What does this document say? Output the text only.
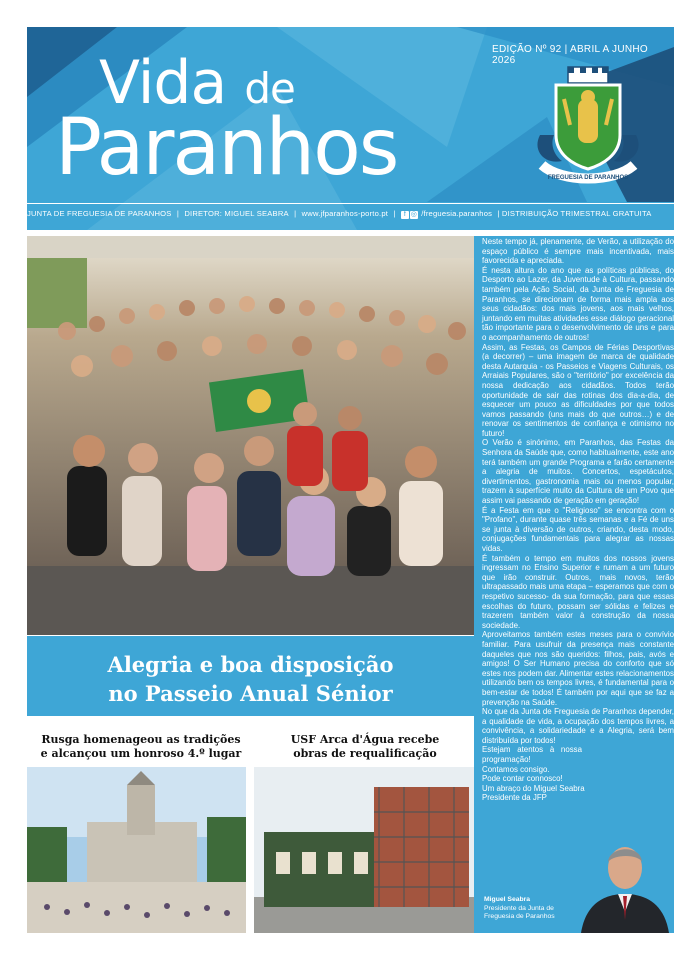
Vida de
Paranhos
EDIÇÃO Nº 92 | ABRIL A JUNHO 2026
FREGUESIA DE PARANHOS
JUNTA DE FREGUESIA DE PARANHOS | DIRETOR: MIGUEL SEABRA | www.jfparanhos-porto.pt | f ◎ /freguesia.paranhos | DISTRIBUIÇÃO TRIMESTRAL GRATUITA
Alegria e boa disposição
no Passeio Anual Sénior
Rusga homenageou as tradições
e alcançou um honroso 4.º lugar
USF Arca d'Água recebe
obras de requalificação

Neste tempo já, plenamente, de Verão, a utilização do espaço público é sempre mais incentivada, mais favorecida e apreciada.

É nesta altura do ano que as políticas públicas, do Desporto ao Lazer, da Juventude à Cultura, passando também pela Ação Social, da Junta de Freguesia de Paranhos, se direcionam de forma mais ampla aos seus cidadãos: dos mais jovens, aos mais velhos, juntando em muitas atividades esse diálogo geracional tão importante para o desenvolvimento de uns e para o acompanhamento de outros!

Assim, as Festas, os Campos de Férias Desportivas (a decorrer) – uma imagem de marca de qualidade desta Autarquia - os Passeios e Viagens Culturais, os Arraiais Populares, são o "território" por excelência da nossa dedicação aos cidadãos. Todos terão oportunidade de sair das rotinas dos dia-a-dia, de esquecer um pouco as dificuldades por que todos vamos passando (uns mais do que outros…) e de renovar os sentimentos de confiança e otimismo no futuro!

O Verão é sinónimo, em Paranhos, das Festas da Senhora da Saúde que, como habitualmente, este ano terá também um grande Programa e farão certamente a alegria de muitos. Concertos, espetáculos, divertimentos, gastronomia mais ou menos popular, trazem à superfície muito da Cultura de um Povo que assim vai passando de geração em geração!

É a Festa em que o "Religioso" se encontra com o "Profano", durante quase três semanas e a Fé de uns se junta à diversão de outros, criando, desta modo, conjugações fundamentais para alegrar as nossas vidas.

É também o tempo em muitos dos nossos jovens ingressam no Ensino Superior e rumam a um futuro que irão construir. Outros, mais novos, terão ultrapassado mais uma etapa – esperamos que com o respetivo sucesso- da sua formação, para que essas escolhas do futuro, possam ser sólidas e felizes e trazerem também valor à construção da nossa sociedade.

Aproveitamos também estes meses para o convívio familiar. Para usufruir da presença mais constante daqueles que nos são queridos: filhos, pais, avós e amigos! O Ser Humano precisa do conforto que só estes nos podem dar. Alimentar estes relacionamentos utilizando bem os tempos livres, é fundamental para o bem-estar de todos! É também por aqui que se faz a prevenção na Saúde.

No que da Junta de Freguesia de Paranhos depender, a qualidade de vida, a ocupação dos tempos livres, a convivência, a solidariedade e a Alegria, será bem distribuída por todos!

Estejam atentos à nossa programação!

Contamos consigo.

Pode contar connosco!

Um abraço do Miguel Seabra

Presidente da JFP

Miguel Seabra
Presidente da Junta de
Freguesia de Paranhos
